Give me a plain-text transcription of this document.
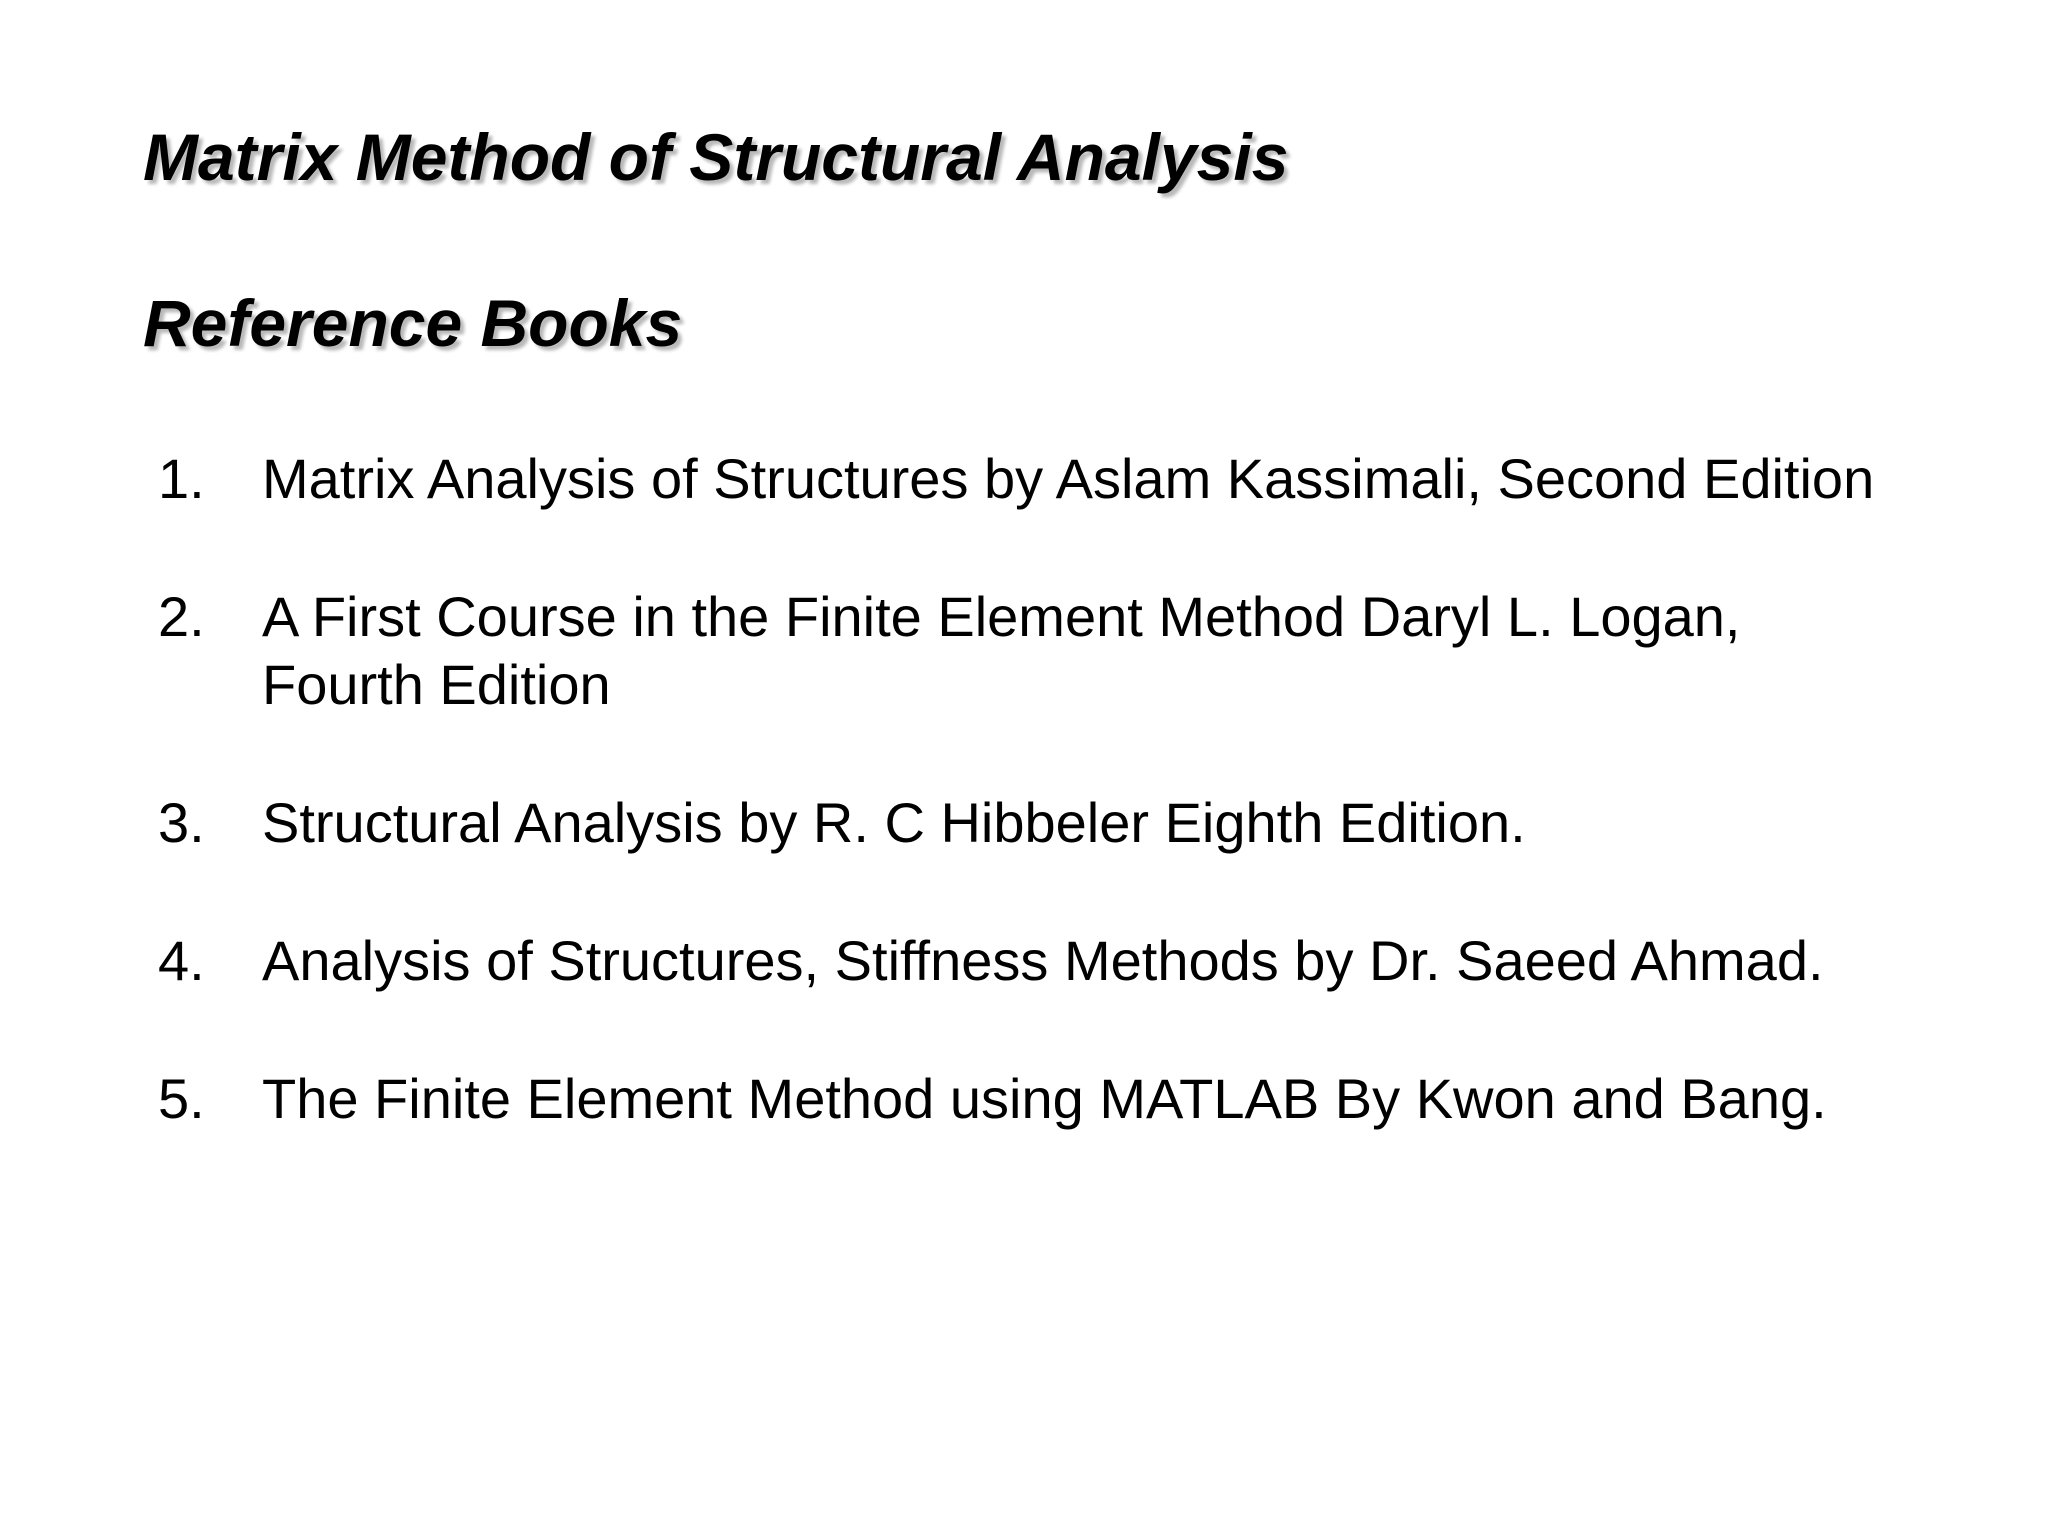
Matrix Method of Structural Analysis
Reference Books
1. Matrix Analysis of Structures by Aslam Kassimali, Second Edition
2. A First Course in the Finite Element Method Daryl L. Logan,
Fourth Edition
3. Structural Analysis by R. C Hibbeler Eighth Edition.
4. Analysis of Structures, Stiffness Methods by Dr. Saeed Ahmad.
5. The Finite Element Method using MATLAB By Kwon and Bang.
